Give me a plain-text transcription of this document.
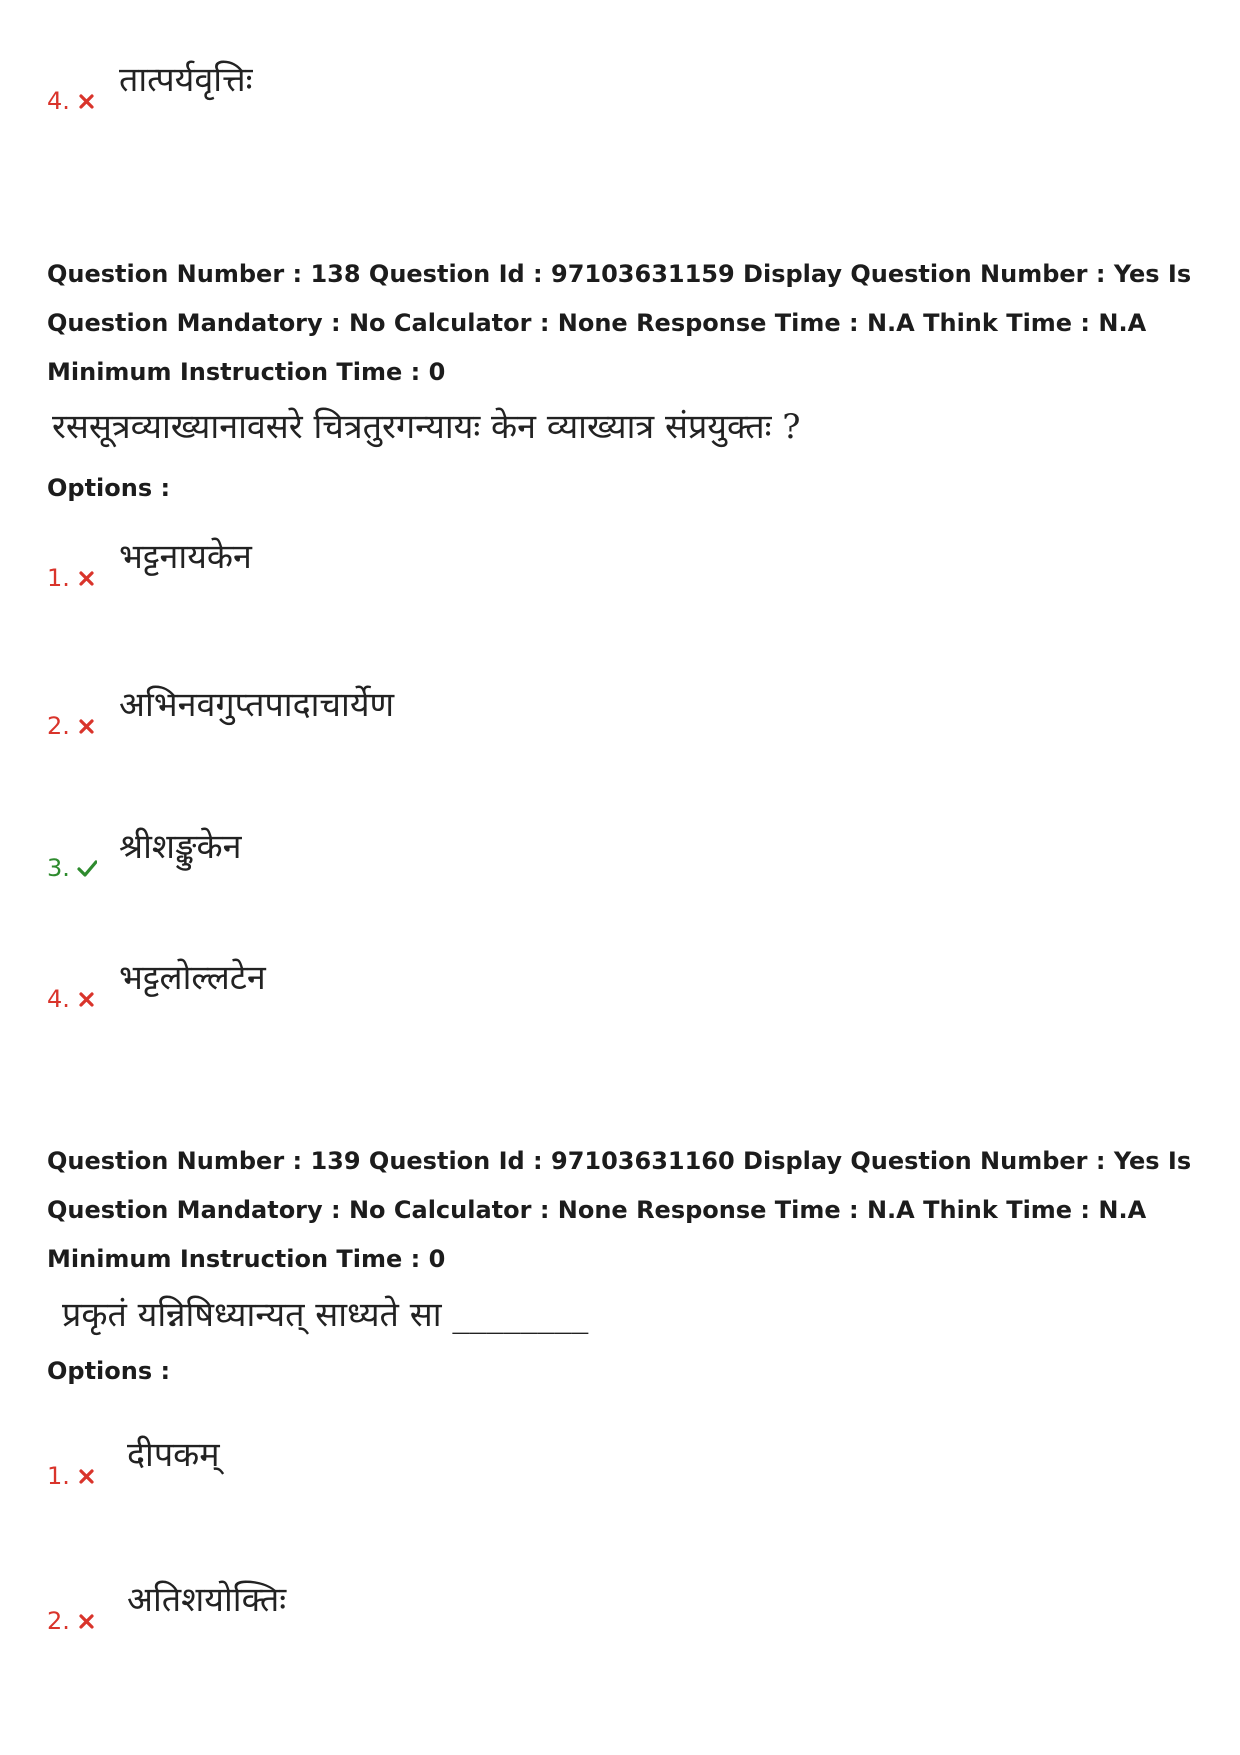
4.
तात्पर्यवृत्तिः
Question Number : 138 Question Id : 97103631159 Display Question Number : Yes Is Question Mandatory : No Calculator : None Response Time : N.A Think Time : N.A Minimum Instruction Time : 0
रससूत्रव्याख्यानावसरे चित्रतुरगन्यायः केन व्याख्यात्र संप्रयुक्तः ?
Options :
1.
भट्टनायकेन
2.
अभिनवगुप्तपादाचार्येण
3.
श्रीशङ्कुकेन
4.
भट्टलोल्लटेन
Question Number : 139 Question Id : 97103631160 Display Question Number : Yes Is Question Mandatory : No Calculator : None Response Time : N.A Think Time : N.A Minimum Instruction Time : 0
प्रकृतं यन्निषिध्यान्यत् साध्यते सा ________
Options :
1.
दीपकम्
2.
अतिशयोक्तिः
